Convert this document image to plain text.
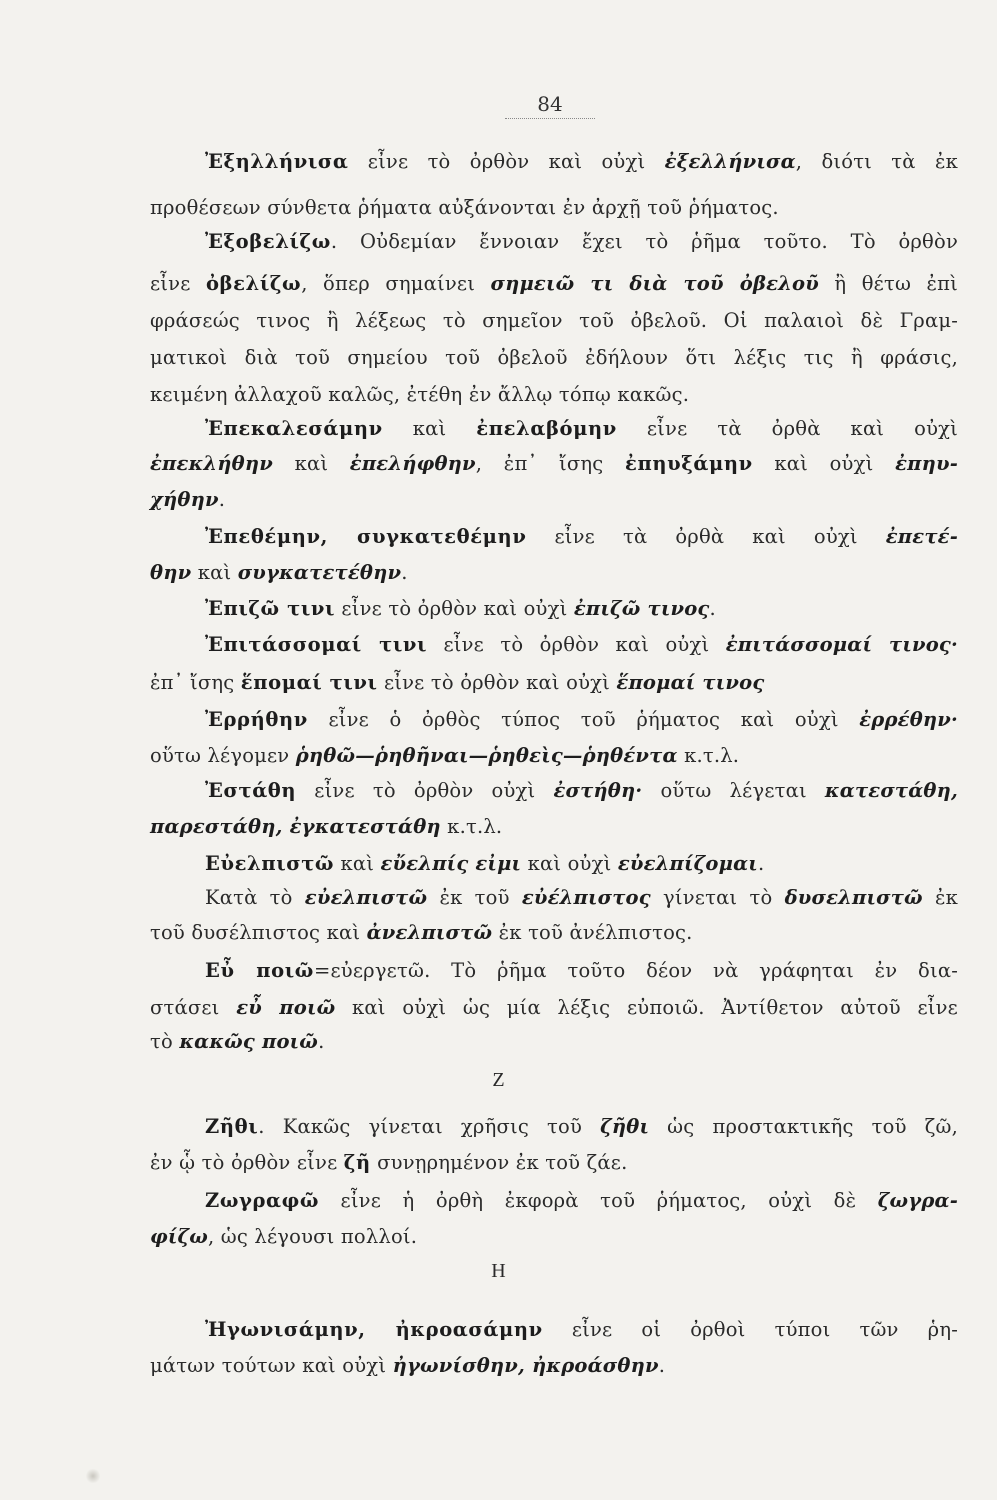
84
Ἐξηλλήνισα εἶνε τὸ ὀρθὸν καὶ οὐχὶ ἐξελλήνισα, διότι τὰ ἐκ
προθέσεων σύνθετα ῥήματα αὐξάνονται ἐν ἀρχῇ τοῦ ῥήματος.
Ἐξοβελίζω. Οὐδεμίαν ἔννοιαν ἔχει τὸ ῥῆμα τοῦτο. Τὸ ὀρθὸν
εἶνε ὀβελίζω, ὅπερ σημαίνει σημειῶ τι διὰ τοῦ ὀβελοῦ ἢ θέτω ἐπὶ
φράσεώς τινος ἢ λέξεως τὸ σημεῖον τοῦ ὀβελοῦ. Οἱ παλαιοὶ δὲ Γραμ-
ματικοὶ διὰ τοῦ σημείου τοῦ ὀβελοῦ ἐδήλουν ὅτι λέξις τις ἢ φράσις,
κειμένη ἀλλαχοῦ καλῶς, ἐτέθη ἐν ἄλλῳ τόπῳ κακῶς.
Ἐπεκαλεσάμην καὶ ἐπελαβόμην εἶνε τὰ ὀρθὰ καὶ οὐχὶ
ἐπεκλήθην καὶ ἐπελήφθην, ἐπ᾽ ἴσης ἐπηυξάμην καὶ οὐχὶ ἐπηυ-
χήθην.
Ἐπεθέμην, συγκατεθέμην εἶνε τὰ ὀρθὰ καὶ οὐχὶ ἐπετέ-
θην καὶ συγκατετέθην.
Ἐπιζῶ τινι εἶνε τὸ ὀρθὸν καὶ οὐχὶ ἐπιζῶ τινος.
Ἐπιτάσσομαί τινι εἶνε τὸ ὀρθὸν καὶ οὐχὶ ἐπιτάσσομαί τινος·
ἐπ᾽ ἴσης ἕπομαί τινι εἶνε τὸ ὀρθὸν καὶ οὐχὶ ἕπομαί τινος
Ἐρρήθην εἶνε ὁ ὀρθὸς τύπος τοῦ ῥήματος καὶ οὐχὶ ἐρρέθην·
οὕτω λέγομεν ῥηθῶ—ῥηθῆναι—ῥηθεὶς—ῥηθέντα κ.τ.λ.
Ἐστάθη εἶνε τὸ ὀρθὸν οὐχὶ ἐστήθη· οὕτω λέγεται κατεστάθη,
παρεστάθη, ἐγκατεστάθη κ.τ.λ.
Εὐελπιστῶ καὶ εὔελπίς εἰμι καὶ οὐχὶ εὐελπίζομαι.
Κατὰ τὸ εὐελπιστῶ ἐκ τοῦ εὐέλπιστος γίνεται τὸ δυσελπιστῶ ἐκ
τοῦ δυσέλπιστος καὶ ἀνελπιστῶ ἐκ τοῦ ἀνέλπιστος.
Εὖ ποιῶ=εὐεργετῶ. Τὸ ῥῆμα τοῦτο δέον νὰ γράφηται ἐν δια-
στάσει εὖ ποιῶ καὶ οὐχὶ ὡς μία λέξις εὐποιῶ. Ἀντίθετον αὐτοῦ εἶνε
τὸ κακῶς ποιῶ.
Ζ
Ζῆθι. Κακῶς γίνεται χρῆσις τοῦ ζῆθι ὡς προστακτικῆς τοῦ ζῶ,
ἐν ᾧ τὸ ὀρθὸν εἶνε ζῆ συνῃρημένον ἐκ τοῦ ζάε.
Ζωγραφῶ εἶνε ἡ ὀρθὴ ἐκφορὰ τοῦ ῥήματος, οὐχὶ δὲ ζωγρα-
φίζω, ὡς λέγουσι πολλοί.
Η
Ἠγωνισάμην, ἠκροασάμην εἶνε οἱ ὀρθοὶ τύποι τῶν ῥη-
μάτων τούτων καὶ οὐχὶ ἠγωνίσθην, ἠκροάσθην.
